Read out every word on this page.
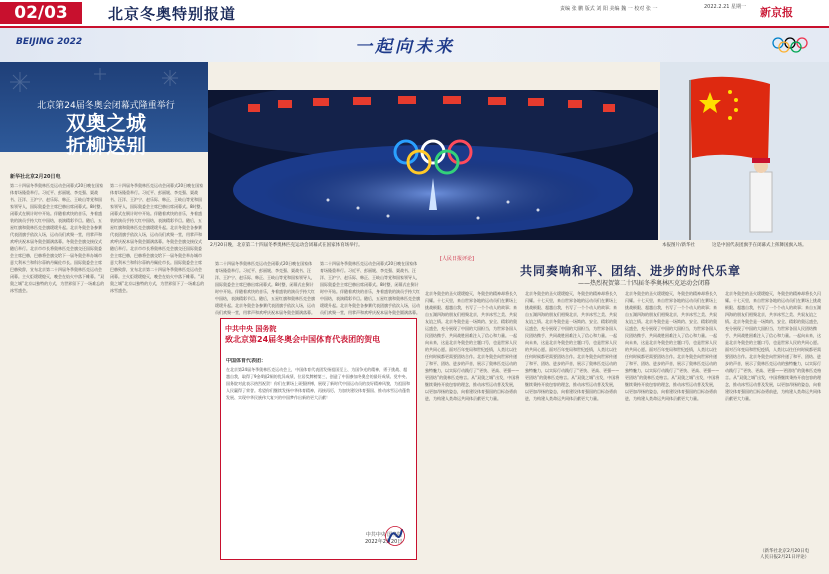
02/03	北京冬奥特别报道	责编 张 鹏 版式 刘 阳 美编 魏 一 校对 张 一	2022.2.21 星期一 新京报
BEIJING 2022	一起向未来
北京第24届冬奥会闭幕式隆重举行
双奥之城
折柳送别
新华社北京2月20日电
第二十四届冬季奥林匹克运动会闭幕式20日晚在国家体育场隆重举行。习近平、彭丽媛、李克强、栗战书、汪洋、王沪宁、赵乐际、韩正、王岐山等党和国家领导人，国际奥委会主席巴赫出席闭幕式。8时整，闭幕式在倒计时中开始。伴随着欢快的音乐，身着盛装的演员手持大红中国结，表演精彩节目。随后，五星红旗和奥林匹克会旗缓缓升起。北京冬奥会各参赛代表团旗手依次入场，运动员们欢聚一堂，用掌声和欢呼庆祝本届冬奥会圆满落幕。冬奥会会旗交接仪式随后举行。北京市市长将奥林匹克会旗交还国际奥委会主席巴赫，巴赫将会旗交给下一届冬奥会举办城市意大利米兰和科尔蒂纳丹佩佐市长。国际奥委会主席巴赫致辞，宣布北京第二十四届冬季奥林匹克运动会闭幕。主火炬缓缓熄灭，晚会在焰火中落下帷幕。“双奥之城”北京以独特的方式，为世界留下了一场难忘的冰雪盛会。
第二十四届冬季奥林匹克运动会闭幕式20日晚在国家体育场隆重举行。习近平、彭丽媛、李克强、栗战书、汪洋、王沪宁、赵乐际、韩正、王岐山等党和国家领导人，国际奥委会主席巴赫出席闭幕式。8时整，闭幕式在倒计时中开始。伴随着欢快的音乐，身着盛装的演员手持大红中国结，表演精彩节目。随后，五星红旗和奥林匹克会旗缓缓升起。北京冬奥会各参赛代表团旗手依次入场，运动员们欢聚一堂，用掌声和欢呼庆祝本届冬奥会圆满落幕。冬奥会会旗交接仪式随后举行。北京市市长将奥林匹克会旗交还国际奥委会主席巴赫，巴赫将会旗交给下一届冬奥会举办城市意大利米兰和科尔蒂纳丹佩佐市长。国际奥委会主席巴赫致辞，宣布北京第二十四届冬季奥林匹克运动会闭幕。主火炬缓缓熄灭，晚会在焰火中落下帷幕。“双奥之城”北京以独特的方式，为世界留下了一场难忘的冰雪盛会。
2月20日晚，北京第二十四届冬季奥林匹克运动会闭幕式在国家体育场举行。	本报图片/新华社	这是中国代表团旗手在闭幕式上挥舞国旗入场。
第二十四届冬季奥林匹克运动会闭幕式20日晚在国家体育场隆重举行。习近平、彭丽媛、李克强、栗战书、汪洋、王沪宁、赵乐际、韩正、王岐山等党和国家领导人，国际奥委会主席巴赫出席闭幕式。8时整，闭幕式在倒计时中开始。伴随着欢快的音乐，身着盛装的演员手持大红中国结，表演精彩节目。随后，五星红旗和奥林匹克会旗缓缓升起。北京冬奥会各参赛代表团旗手依次入场，运动员们欢聚一堂，用掌声和欢呼庆祝本届冬奥会圆满落幕。
第二十四届冬季奥林匹克运动会闭幕式20日晚在国家体育场隆重举行。习近平、彭丽媛、李克强、栗战书、汪洋、王沪宁、赵乐际、韩正、王岐山等党和国家领导人，国际奥委会主席巴赫出席闭幕式。8时整，闭幕式在倒计时中开始。伴随着欢快的音乐，身着盛装的演员手持大红中国结，表演精彩节目。随后，五星红旗和奥林匹克会旗缓缓升起。北京冬奥会各参赛代表团旗手依次入场，运动员们欢聚一堂，用掌声和欢呼庆祝本届冬奥会圆满落幕。
中共中央 国务院
致北京第24届冬奥会中国体育代表团的贺电
中国体育代表团：
在北京第24届冬季奥林匹克运动会上，中国体育代表团发扬祖国至上、为国争光的精神，勇于挑战、超越自我，取得了9金4银2铜的优异成绩，位居奖牌榜第三，创造了中国参加冬奥会的最好成绩。党中央、国务院对此表示热烈祝贺！你们在赛场上顽强拼搏，展现了新时代中国运动员的良好精神风貌，为祖国和人民赢得了荣誉。希望你们继续发扬中华体育精神，再接再厉，为加快建设体育强国、推动冰雪运动蓬勃发展、实现中华民族伟大复兴的中国梦作出新的更大贡献！
中共中央 国务院
2022年2月20日
[人民日报评论]
共同奏响和平、团结、进步的时代乐章
——热烈祝贺第二十四届冬季奥林匹克运动会闭幕
北京冬奥会的圣火缓缓熄灭，冬奥会的精神却将长久闪耀。十七天里，来自世界各地的运动员们在赛场上挑战极限、超越自我，书写了一个个动人的故事；来自五湖四海的朋友们相聚北京，共享冰雪之美、共叙友谊之情。北京冬奥会是一场简约、安全、精彩的奥运盛会，充分展现了中国的大国担当，为世界各国人民团结携手、共同战胜困难注入了信心和力量。一起向未来，这是北京冬奥会的主题口号，也是世界人民的共同心愿。面对百年变局和世纪疫情，人类比以往任何时候都更需要团结合作。北京冬奥会向世界传递了和平、团结、进步的声音，展示了奥林匹克运动的独特魅力，以实际行动践行了“更快、更高、更强——更团结”的奥林匹克格言。从“双奥之城”出发，中国将继续秉持开放包容的理念，推动冰雪运动普及发展，以更加昂扬的姿态，向着建设体育强国的目标奋勇前进，为构建人类命运共同体贡献更大力量。
北京冬奥会的圣火缓缓熄灭，冬奥会的精神却将长久闪耀。十七天里，来自世界各地的运动员们在赛场上挑战极限、超越自我，书写了一个个动人的故事；来自五湖四海的朋友们相聚北京，共享冰雪之美、共叙友谊之情。北京冬奥会是一场简约、安全、精彩的奥运盛会，充分展现了中国的大国担当，为世界各国人民团结携手、共同战胜困难注入了信心和力量。一起向未来，这是北京冬奥会的主题口号，也是世界人民的共同心愿。面对百年变局和世纪疫情，人类比以往任何时候都更需要团结合作。北京冬奥会向世界传递了和平、团结、进步的声音，展示了奥林匹克运动的独特魅力，以实际行动践行了“更快、更高、更强——更团结”的奥林匹克格言。从“双奥之城”出发，中国将继续秉持开放包容的理念，推动冰雪运动普及发展，以更加昂扬的姿态，向着建设体育强国的目标奋勇前进，为构建人类命运共同体贡献更大力量。
北京冬奥会的圣火缓缓熄灭，冬奥会的精神却将长久闪耀。十七天里，来自世界各地的运动员们在赛场上挑战极限、超越自我，书写了一个个动人的故事；来自五湖四海的朋友们相聚北京，共享冰雪之美、共叙友谊之情。北京冬奥会是一场简约、安全、精彩的奥运盛会，充分展现了中国的大国担当，为世界各国人民团结携手、共同战胜困难注入了信心和力量。一起向未来，这是北京冬奥会的主题口号，也是世界人民的共同心愿。面对百年变局和世纪疫情，人类比以往任何时候都更需要团结合作。北京冬奥会向世界传递了和平、团结、进步的声音，展示了奥林匹克运动的独特魅力，以实际行动践行了“更快、更高、更强——更团结”的奥林匹克格言。从“双奥之城”出发，中国将继续秉持开放包容的理念，推动冰雪运动普及发展，以更加昂扬的姿态，向着建设体育强国的目标奋勇前进，为构建人类命运共同体贡献更大力量。
北京冬奥会的圣火缓缓熄灭，冬奥会的精神却将长久闪耀。十七天里，来自世界各地的运动员们在赛场上挑战极限、超越自我，书写了一个个动人的故事；来自五湖四海的朋友们相聚北京，共享冰雪之美、共叙友谊之情。北京冬奥会是一场简约、安全、精彩的奥运盛会，充分展现了中国的大国担当，为世界各国人民团结携手、共同战胜困难注入了信心和力量。一起向未来，这是北京冬奥会的主题口号，也是世界人民的共同心愿。面对百年变局和世纪疫情，人类比以往任何时候都更需要团结合作。北京冬奥会向世界传递了和平、团结、进步的声音，展示了奥林匹克运动的独特魅力，以实际行动践行了“更快、更高、更强——更团结”的奥林匹克格言。从“双奥之城”出发，中国将继续秉持开放包容的理念，推动冰雪运动普及发展，以更加昂扬的姿态，向着建设体育强国的目标奋勇前进，为构建人类命运共同体贡献更大力量。
（新华社北京2月20日电
人民日报2月21日评论）
